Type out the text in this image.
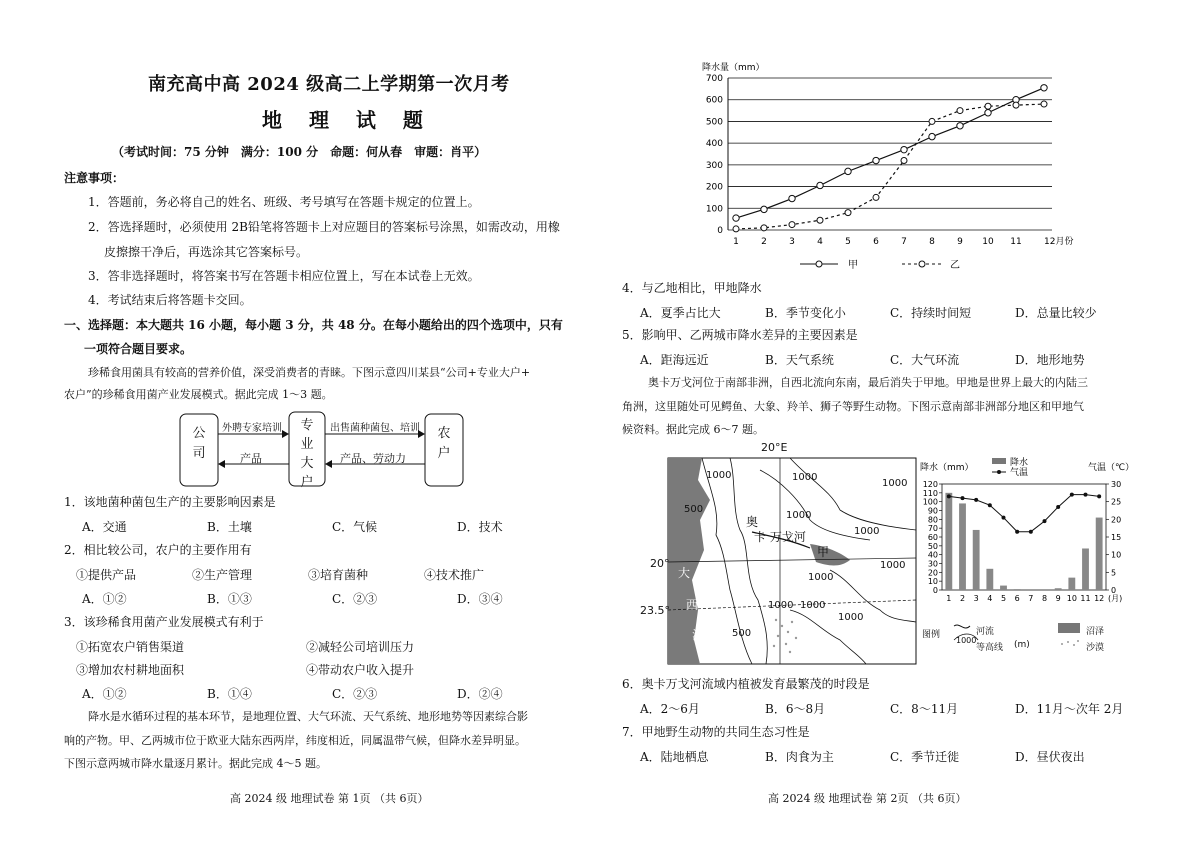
南充高中高 2024 级高二上学期第一次月考
地 理 试 题
（考试时间：75 分钟　满分：100 分　命题：何从春　审题：肖平）
注意事项：
1．答题前，务必将自己的姓名、班级、考号填写在答题卡规定的位置上。
2．答选择题时，必须使用 2B铅笔将答题卡上对应题目的答案标号涂黑，如需改动，用橡
皮擦擦干净后，再选涂其它答案标号。
3．答非选择题时，将答案书写在答题卡相应位置上，写在本试卷上无效。
4．考试结束后将答题卡交回。
一、选择题：本大题共 16 小题，每小题 3 分，共 48 分。在每小题给出的四个选项中，只有
一项符合题目要求。
珍稀食用菌具有较高的营养价值，深受消费者的青睐。下图示意四川某县“公司+专业大户+
农户”的珍稀食用菌产业发展模式。据此完成 1～3 题。
公司
专业大户
农户
外聘专家培训
产品
出售菌种菌包、培训
产品、劳动力
1．该地菌种菌包生产的主要影响因素是
A．交通	B．土壤	C．气候	D．技术
2．相比较公司，农户的主要作用有
①提供产品	②生产管理	③培育菌种	④技术推广
A．①②	B．①③	C．②③	D．③④
3．该珍稀食用菌产业发展模式有利于
①拓宽农户销售渠道	②减轻公司培训压力
③增加农村耕地面积	④带动农户收入提升
A．①②	B．①④	C．②③	D．②④
降水是水循环过程的基本环节，是地理位置、大气环流、天气系统、地形地势等因素综合影
响的产物。甲、乙两城市位于欧亚大陆东西两岸，纬度相近，同属温带气候，但降水差异明显。
下图示意两城市降水量逐月累计。据此完成 4～5 题。
高 2024 级 地理试卷 第 1页 （共 6页）
降水量（mm）
0
100
200
300
400
500
600
700
1 2 3 4 5 6 7 8 9 10 11 12月份
甲	乙
4．与乙地相比，甲地降水
A．夏季占比大	B．季节变化小	C．持续时间短	D．总量比较少
5．影响甲、乙两城市降水差异的主要因素是
A．距海远近	B．天气系统	C．大气环流	D．地形地势
奥卡万戈河位于南部非洲，自西北流向东南，最后消失于甲地。甲地是世界上最大的内陆三
角洲，这里随处可见鳄鱼、大象、羚羊、狮子等野生动物。下图示意南部非洲部分地区和甲地气
候资料。据此完成 6～7 题。
20°E
20°
23.5°
大
西
洋
奥
卡 万戈河
甲
1000
500
1000
1000
1000
1000
1000
1000
1000
500
1000
1000
降水（mm）	气温（℃）
降水
气温
0
10
20
30
40
50
60
70
80
90
100
110
120
0
5
10
15
20
25
30
1 2 3 4 5 6 7 8 9 10 11 12 (月)
图例	河流
1000
等高线 (m)
沼泽
沙漠
6．奥卡万戈河流域内植被发育最繁茂的时段是
A．2～6月	B．6～8月	C．8～11月	D．11月～次年 2月
7．甲地野生动物的共同生态习性是
A．陆地栖息	B．肉食为主	C．季节迁徙	D．昼伏夜出
高 2024 级 地理试卷 第 2页 （共 6页）
